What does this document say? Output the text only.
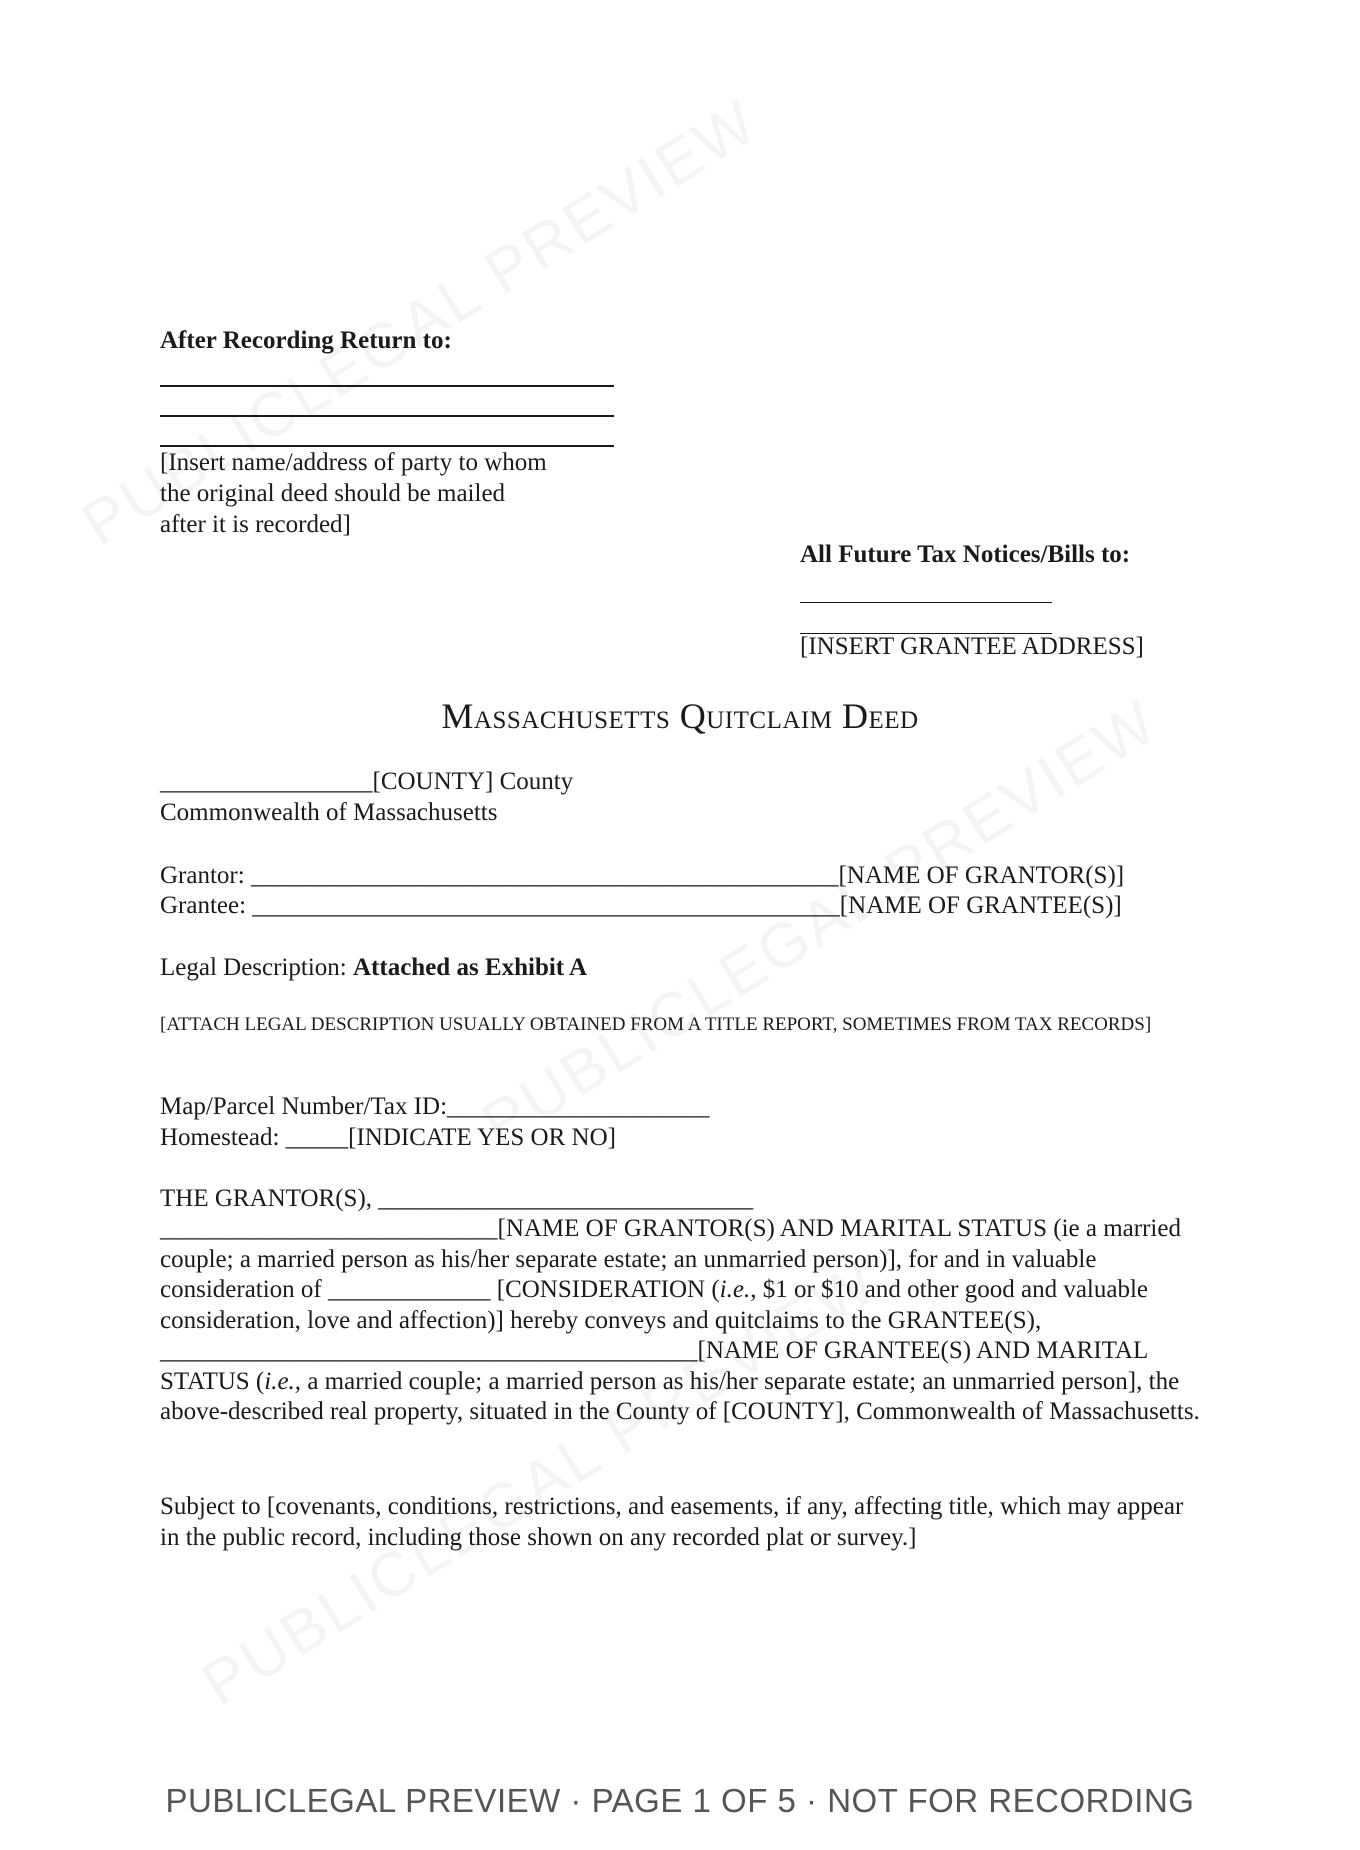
After Recording Return to:
[Insert name/address of party to whom
the original deed should be mailed
after it is recorded]
All Future Tax Notices/Bills to:
[INSERT GRANTEE ADDRESS]
Massachusetts Quitclaim Deed
_________________[COUNTY] County
Commonwealth of Massachusetts
Grantor: _______________________________________________[NAME OF GRANTOR(S)]
Grantee: _______________________________________________[NAME OF GRANTEE(S)]
Legal Description: Attached as Exhibit A
[ATTACH LEGAL DESCRIPTION USUALLY OBTAINED FROM A TITLE REPORT, SOMETIMES FROM TAX RECORDS]
Map/Parcel Number/Tax ID:_____________________
Homestead: _____[INDICATE YES OR NO]
THE GRANTOR(S), ______________________________
___________________________[NAME OF GRANTOR(S) AND MARITAL STATUS (ie a married couple; a married person as his/her separate estate; an unmarried person)], for and in valuable consideration of _____________ [CONSIDERATION (i.e., $1 or $10 and other good and valuable consideration, love and affection)] hereby conveys and quitclaims to the GRANTEE(S), ___________________________________________[NAME OF GRANTEE(S) AND MARITAL STATUS (i.e., a married couple; a married person as his/her separate estate; an unmarried person], the above-described real property, situated in the County of [COUNTY], Commonwealth of Massachusetts.
Subject to [covenants, conditions, restrictions, and easements, if any, affecting title, which may appear in the public record, including those shown on any recorded plat or survey.]
PUBLICLEGAL PREVIEW · PAGE 1 OF 5 · NOT FOR RECORDING
